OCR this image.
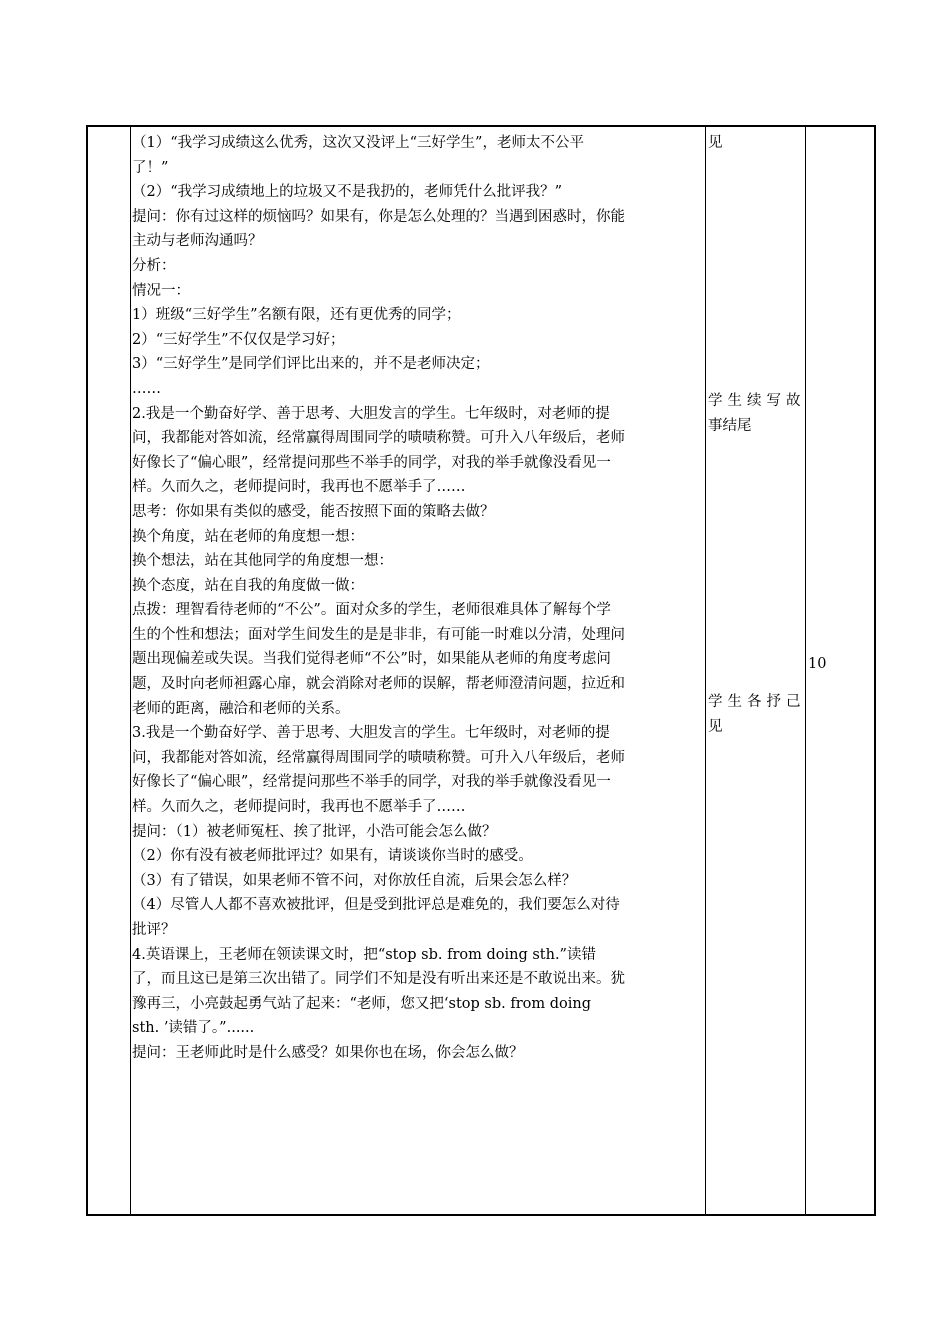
（1）“我学习成绩这么优秀，这次又没评上“三好学生”，老师太不公平

了！”

（2）“我学习成绩地上的垃圾又不是我扔的，老师凭什么批评我？”

提问：你有过这样的烦恼吗？如果有，你是怎么处理的？当遇到困惑时，你能

主动与老师沟通吗？

分析：

情况一：

1）班级“三好学生”名额有限，还有更优秀的同学；

2）“三好学生”不仅仅是学习好；

3）“三好学生”是同学们评比出来的，并不是老师决定；

……

2.我是一个勤奋好学、善于思考、大胆发言的学生。七年级时，对老师的提

问，我都能对答如流，经常赢得周围同学的啧啧称赞。可升入八年级后，老师

好像长了“偏心眼”，经常提问那些不举手的同学，对我的举手就像没看见一

样。久而久之，老师提问时，我再也不愿举手了……

思考：你如果有类似的感受，能否按照下面的策略去做？

换个角度，站在老师的角度想一想：

换个想法，站在其他同学的角度想一想：

换个态度，站在自我的角度做一做：

点拨：理智看待老师的“不公”。面对众多的学生，老师很难具体了解每个学

生的个性和想法；面对学生间发生的是是非非，有可能一时难以分清，处理问

题出现偏差或失误。当我们觉得老师“不公”时，如果能从老师的角度考虑问

题，及时向老师袒露心扉，就会消除对老师的误解，帮老师澄清问题，拉近和

老师的距离，融洽和老师的关系。

3.我是一个勤奋好学、善于思考、大胆发言的学生。七年级时，对老师的提

问，我都能对答如流，经常赢得周围同学的啧啧称赞。可升入八年级后，老师

好像长了“偏心眼”，经常提问那些不举手的同学，对我的举手就像没看见一

样。久而久之，老师提问时，我再也不愿举手了……

提问：（1）被老师冤枉、挨了批评，小浩可能会怎么做？

（2）你有没有被老师批评过？如果有，请谈谈你当时的感受。

（3）有了错误，如果老师不管不问，对你放任自流，后果会怎么样？

（4）尽管人人都不喜欢被批评，但是受到批评总是难免的，我们要怎么对待

批评？

4.英语课上，王老师在领读课文时，把“stop sb. from doing sth.”读错

了，而且这已是第三次出错了。同学们不知是没有听出来还是不敢说出来。犹

豫再三，小亮鼓起勇气站了起来：“老师，您又把‘stop sb. from doing

sth. ’读错了。”......

提问：王老师此时是什么感受？如果你也在场，你会怎么做？

见

学生续写故

事结尾

学生各抒己

见

10
